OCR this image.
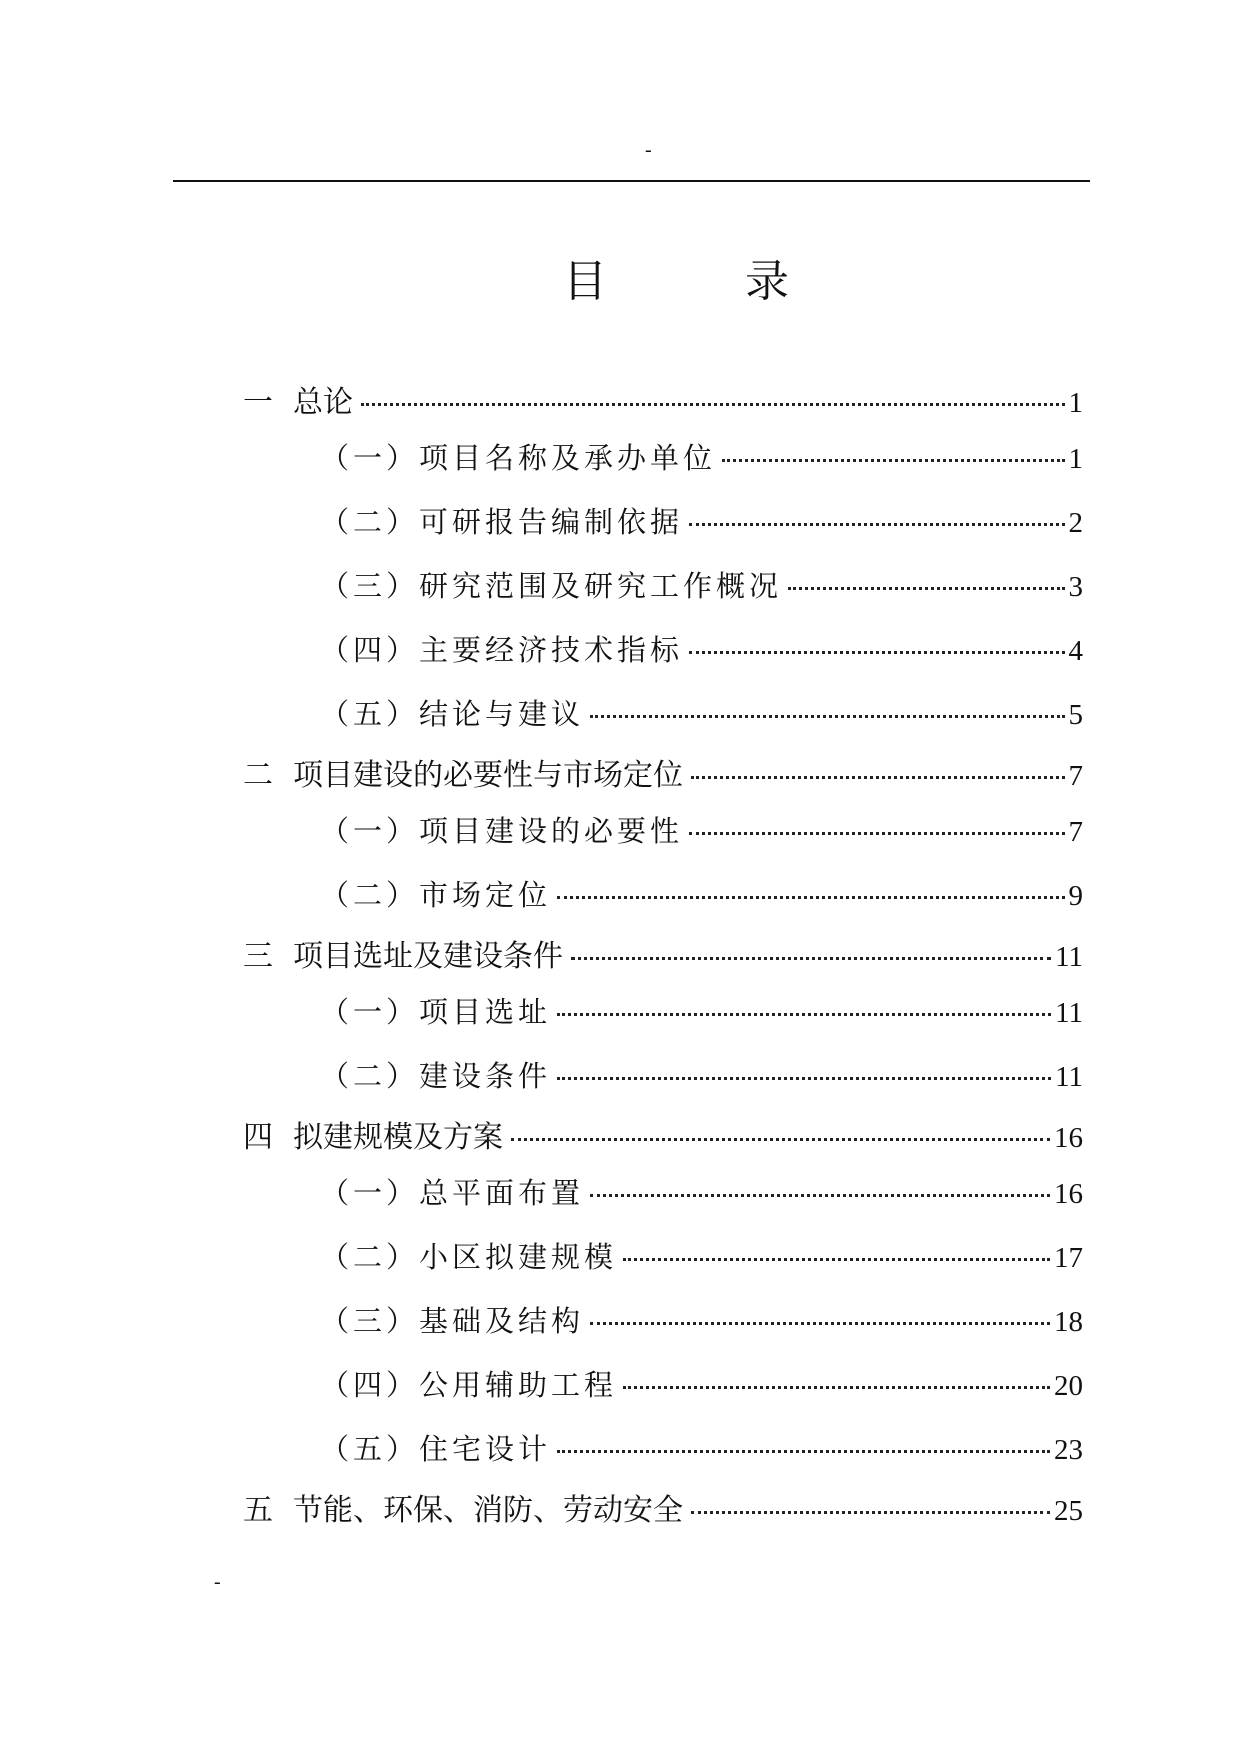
-
目	录
一 总论	1
（一）项目名称及承办单位	1
（二）可研报告编制依据	2
（三）研究范围及研究工作概况	3
（四）主要经济技术指标	4
（五）结论与建议	5
二 项目建设的必要性与市场定位	7
（一）项目建设的必要性	7
（二）市场定位	9
三 项目选址及建设条件	11
（一）项目选址	11
（二）建设条件	11
四 拟建规模及方案	16
（一）总平面布置	16
（二）小区拟建规模	17
（三）基础及结构	18
（四）公用辅助工程	20
（五）住宅设计	23
五 节能、环保、消防、劳动安全	25
-
